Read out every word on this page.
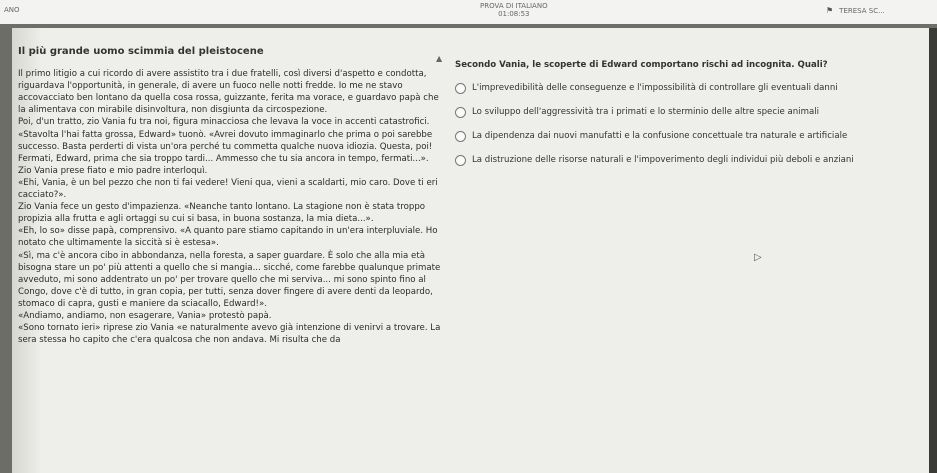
ANO	PROVA DI ITALIANO
01:08:53	⚑ TERESA SC...
▲
Il più grande uomo scimmia del pleistocene

Il primo litigio a cui ricordo di avere assistito tra i due fratelli, così diversi d'aspetto e condotta, riguardava l'opportunità, in generale, di avere un fuoco nelle notti fredde. Io me ne stavo accovacciato ben lontano da quella cosa rossa, guizzante, ferita ma vorace, e guardavo papà che la alimentava con mirabile disinvoltura, non disgiunta da circospezione.

Poi, d'un tratto, zio Vania fu tra noi, figura minacciosa che levava la voce in accenti catastrofici.

«Stavolta l'hai fatta grossa, Edward» tuonò. «Avrei dovuto immaginarlo che prima o poi sarebbe successo. Basta perderti di vista un'ora perché tu commetta qualche nuova idiozia. Questa, poi! Fermati, Edward, prima che sia troppo tardi... Ammesso che tu sia ancora in tempo, fermati...».

Zio Vania prese fiato e mio padre interloquì.

«Ehi, Vania, è un bel pezzo che non ti fai vedere! Vieni qua, vieni a scaldarti, mio caro. Dove ti eri cacciato?».

Zio Vania fece un gesto d'impazienza. «Neanche tanto lontano. La stagione non è stata troppo propizia alla frutta e agli ortaggi su cui si basa, in buona sostanza, la mia dieta...».

«Eh, lo so» disse papà, comprensivo. «A quanto pare stiamo capitando in un'era interpluviale. Ho notato che ultimamente la siccità si è estesa».

«Sì, ma c'è ancora cibo in abbondanza, nella foresta, a saper guardare. È solo che alla mia età bisogna stare un po' più attenti a quello che si mangia... sicché, come farebbe qualunque primate avveduto, mi sono addentrato un po' per trovare quello che mi serviva... mi sono spinto fino al Congo, dove c'è di tutto, in gran copia, per tutti, senza dover fingere di avere denti da leopardo, stomaco di capra, gusti e maniere da sciacallo, Edward!».

«Andiamo, andiamo, non esagerare, Vania» protestò papà.

«Sono tornato ieri» riprese zio Vania «e naturalmente avevo già intenzione di venirvi a trovare. La sera stessa ho capito che c'era qualcosa che non andava. Mi risulta che da

Secondo Vania, le scoperte di Edward comportano rischi ad incognita. Quali?
L'imprevedibilità delle conseguenze e l'impossibilità di controllare gli eventuali danni
Lo sviluppo dell'aggressività tra i primati e lo sterminio delle altre specie animali
La dipendenza dai nuovi manufatti e la confusione concettuale tra naturale e artificiale
La distruzione delle risorse naturali e l'impoverimento degli individui più deboli e anziani
▷
